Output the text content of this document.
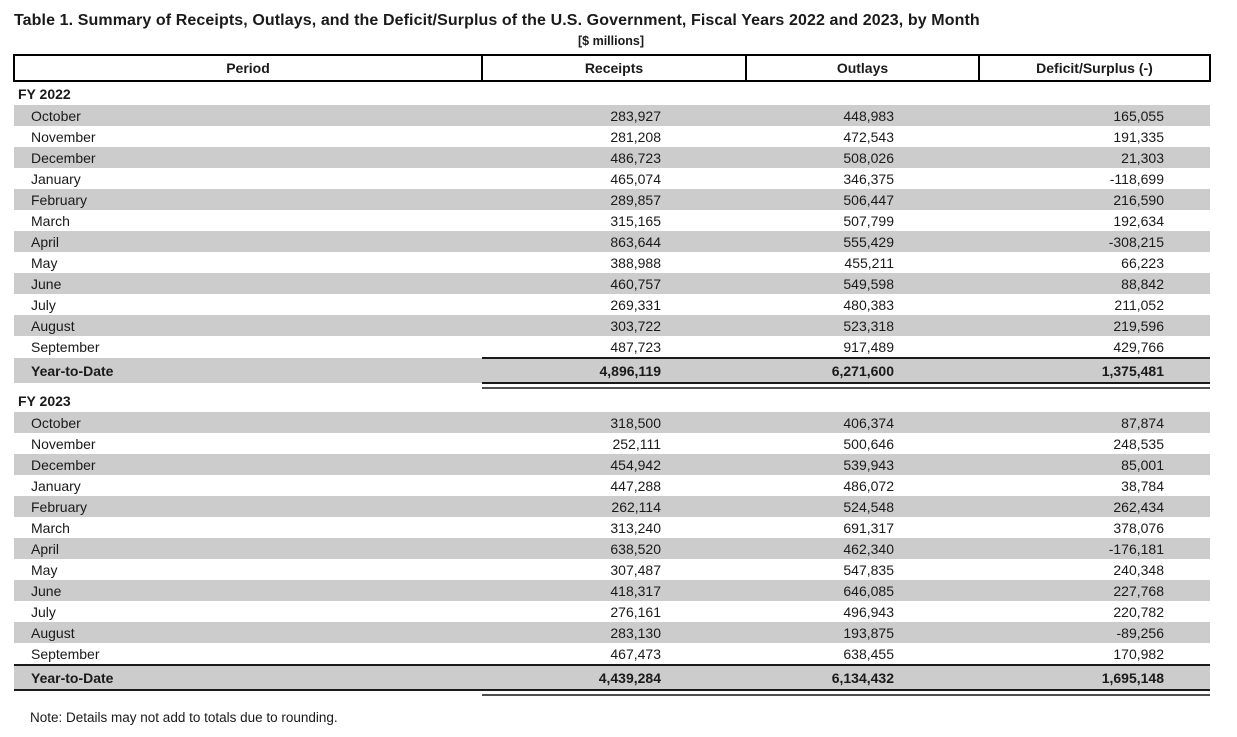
Table 1. Summary of Receipts, Outlays, and the Deficit/Surplus of the U.S. Government, Fiscal Years 2022 and 2023, by Month
[$ millions]
Period	Receipts	Outlays	Deficit/Surplus (-)
FY 2022			
October	283,927	448,983	165,055
November	281,208	472,543	191,335
December	486,723	508,026	21,303
January	465,074	346,375	-118,699
February	289,857	506,447	216,590
March	315,165	507,799	192,634
April	863,644	555,429	-308,215
May	388,988	455,211	66,223
June	460,757	549,598	88,842
July	269,331	480,383	211,052
August	303,722	523,318	219,596
September	487,723	917,489	429,766
Year-to-Date	4,896,119	6,271,600	1,375,481

FY 2023			
October	318,500	406,374	87,874
November	252,111	500,646	248,535
December	454,942	539,943	85,001
January	447,288	486,072	38,784
February	262,114	524,548	262,434
March	313,240	691,317	378,076
April	638,520	462,340	-176,181
May	307,487	547,835	240,348
June	418,317	646,085	227,768
July	276,161	496,943	220,782
August	283,130	193,875	-89,256
September	467,473	638,455	170,982
Year-to-Date	4,439,284	6,134,432	1,695,148

Note: Details may not add to totals due to rounding.
